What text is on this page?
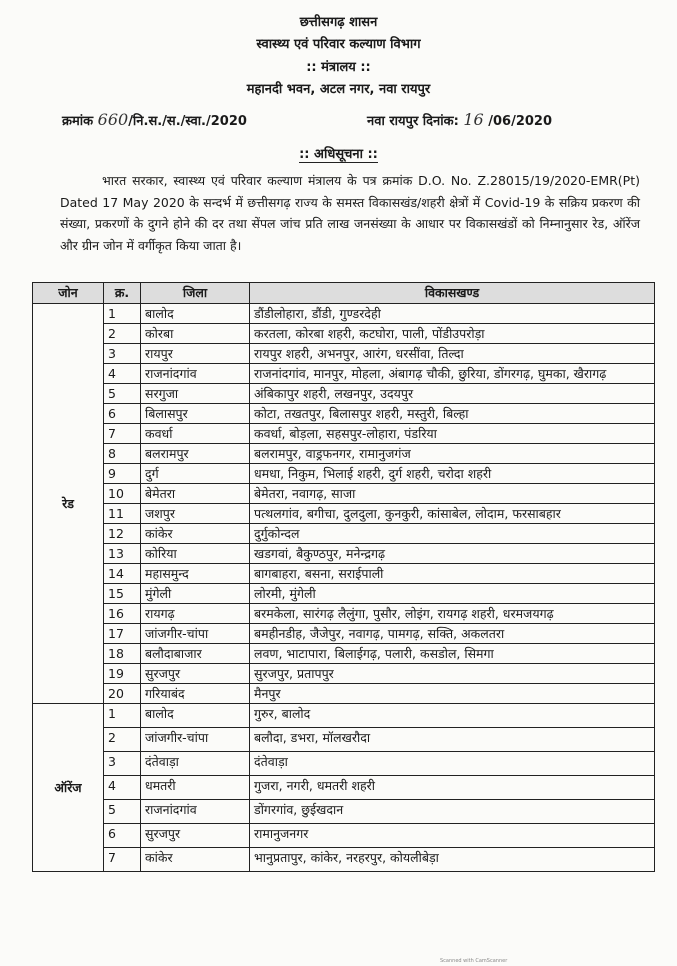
छत्तीसगढ़ शासन
स्वास्थ्य एवं परिवार कल्याण विभाग
:: मंत्रालय ::
महानदी भवन, अटल नगर, नवा रायपुर
क्रमांक 660/नि.स./स./स्वा./2020	नवा रायपुर दिनांक: 16 /06/2020
:: अधिसूचना ::
भारत सरकार, स्वास्थ्य एवं परिवार कल्याण मंत्रालय के पत्र क्रमांक D.O. No. Z.28015/19/2020-EMR(Pt) Dated 17 May 2020 के सन्दर्भ में छत्तीसगढ़ राज्य के समस्त विकासखंड/शहरी क्षेत्रों में Covid-19 के सक्रिय प्रकरण की संख्या, प्रकरणों के दुगने होने की दर तथा सेंपल जांच प्रति लाख जनसंख्या के आधार पर विकासखंडों को निम्नानुसार रेड, ऑरेंज और ग्रीन जोन में वर्गीकृत किया जाता है।
जोन	क्र.	जिला	विकासखण्ड
रेड	1	बालोद	डौंडीलोहारा, डौंडी, गुण्डरदेही
	2	कोरबा	करतला, कोरबा शहरी, कटघोरा, पाली, पोंडीउपरोड़ा
	3	रायपुर	रायपुर शहरी, अभनपुर, आरंग, धरसींवा, तिल्दा
	4	राजनांदगांव	राजनांदगांव, मानपुर, मोहला, अंबागढ़ चौकी, छुरिया, डोंगरगढ़, घुमका, खैरागढ़
	5	सरगुजा	अंबिकापुर शहरी, लखनपुर, उदयपुर
	6	बिलासपुर	कोटा, तखतपुर, बिलासपुर शहरी, मस्तुरी, बिल्हा
	7	कवर्धा	कवर्धा, बोड़ला, सहसपुर-लोहारा, पंडरिया
	8	बलरामपुर	बलरामपुर, वाड्रफनगर, रामानुजगंज
	9	दुर्ग	धमधा, निकुम, भिलाई शहरी, दुर्ग शहरी, चरोदा शहरी
	10	बेमेतरा	बेमेतरा, नवागढ़, साजा
	11	जशपुर	पत्थलगांव, बगीचा, दुलदुला, कुनकुरी, कांसाबेल, लोदाम, फरसाबहार
	12	कांकेर	दुर्गुकोन्दल
	13	कोरिया	खडगवां, बैकुण्ठपुर, मनेन्द्रगढ़
	14	महासमुन्द	बागबाहरा, बसना, सराईपाली
	15	मुंगेली	लोरमी, मुंगेली
	16	रायगढ़	बरमकेला, सारंगढ़ लैलुंगा, पुसौर, लोइंग, रायगढ़ शहरी, धरमजयगढ़
	17	जांजगीर-चांपा	बमहीनडीह, जैजेपुर, नवागढ़, पामगढ़, सक्ति, अकलतरा
	18	बलौदाबाजार	लवण, भाटापारा, बिलाईगढ़, पलारी, कसडोल, सिमगा
	19	सुरजपुर	सुरजपुर, प्रतापपुर
	20	गरियाबंद	मैनपुर
ऑरेंज	1	बालोद	गुरुर, बालोद
	2	जांजगीर-चांपा	बलौदा, डभरा, मॉलखरौदा
	3	दंतेवाड़ा	दंतेवाड़ा
	4	धमतरी	गुजरा, नगरी, धमतरी शहरी
	5	राजनांदगांव	डोंगरगांव, छुईखदान
	6	सुरजपुर	रामानुजनगर
	7	कांकेर	भानुप्रतापुर, कांकेर, नरहरपुर, कोयलीबेड़ा
Scanned with CamScanner
